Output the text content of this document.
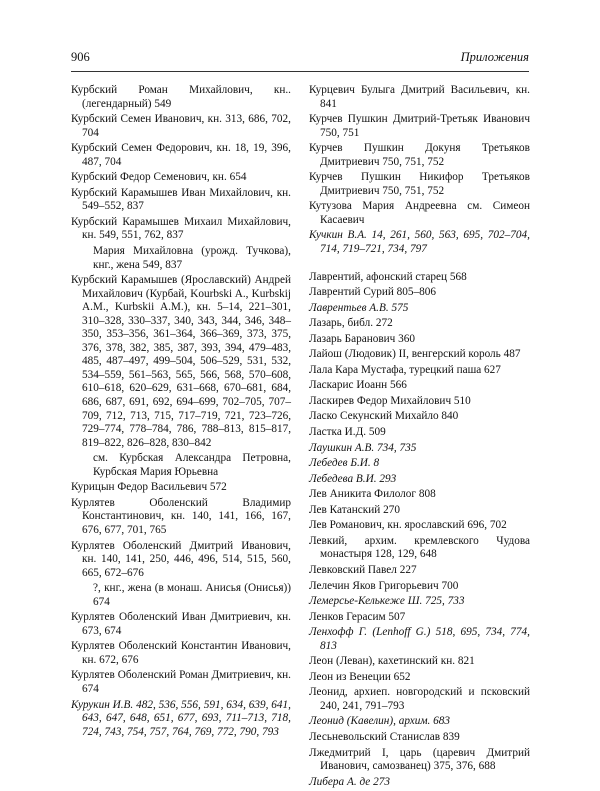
906	Приложения

Курбский Роман Михайлович, кн.. (легендарный) 549

Курбский Семен Иванович, кн. 313, 686, 702, 704

Курбский Семен Федорович, кн. 18, 19, 396, 487, 704

Курбский Федор Семенович, кн. 654

Курбский Карамышев Иван Михайлович, кн. 549–552, 837

Курбский Карамышев Михаил Михайлович, кн. 549, 551, 762, 837

Мария Михайловна (урожд. Тучкова), кнг., жена 549, 837

Курбский Карамышев (Ярославский) Андрей Михайлович (Курбай, Kourbski A., Kurbskij A.M., Kurbskii A.M.), кн. 5–14, 221–301, 310–328, 330–337, 340, 343, 344, 346, 348–350, 353–356, 361–364, 366–369, 373, 375, 376, 378, 382, 385, 387, 393, 394, 479–483, 485, 487–497, 499–504, 506–529, 531, 532, 534–559, 561–563, 565, 566, 568, 570–608, 610–618, 620–629, 631–668, 670–681, 684, 686, 687, 691, 692, 694–699, 702–705, 707–709, 712, 713, 715, 717–719, 721, 723–726, 729–774, 778–784, 786, 788–813, 815–817, 819–822, 826–828, 830–842

см. Курбская Александра Петровна, Курбская Мария Юрьевна

Курицын Федор Васильевич 572

Курлятев Оболенский Владимир Константинович, кн. 140, 141, 166, 167, 676, 677, 701, 765

Курлятев Оболенский Дмитрий Иванович, кн. 140, 141, 250, 446, 496, 514, 515, 560, 665, 672–676

?, кнг., жена (в монаш. Анисья (Онисья)) 674

Курлятев Оболенский Иван Дмитриевич, кн. 673, 674

Курлятев Оболенский Константин Иванович, кн. 672, 676

Курлятев Оболенский Роман Дмитриевич, кн. 674

Курукин И.В. 482, 536, 556, 591, 634, 639, 641, 643, 647, 648, 651, 677, 693, 711–713, 718, 724, 743, 754, 757, 764, 769, 772, 790, 793

Курцевич Булыга Дмитрий Васильевич, кн. 841

Курчев Пушкин Дмитрий-Третьяк Иванович 750, 751

Курчев Пушкин Докуня Третьяков Дмитриевич 750, 751, 752

Курчев Пушкин Никифор Третьяков Дмитриевич 750, 751, 752

Кутузова Мария Андреевна см. Симеон Касаевич

Кучкин В.А. 14, 261, 560, 563, 695, 702–704, 714, 719–721, 734, 797

Лаврентий, афонский старец 568

Лаврентий Сурий 805–806

Лаврентьев А.В. 575

Лазарь, библ. 272

Лазарь Баранович 360

Лайош (Людовик) II, венгерский король 487

Лала Кара Мустафа, турецкий паша 627

Ласкарис Иоанн 566

Ласкирев Федор Михайлович 510

Ласко Секунский Михайло 840

Ластка И.Д. 509

Лаушкин А.В. 734, 735

Лебедев Б.И. 8

Лебедева В.И. 293

Лев Аникита Филолог 808

Лев Катанский 270

Лев Романович, кн. ярославский 696, 702

Левкий, архим. кремлевского Чудова монастыря 128, 129, 648

Левковский Павел 227

Лелечин Яков Григорьевич 700

Лемерсье-Келькеже Ш. 725, 733

Ленков Герасим 507

Ленхофф Г. (Lenhoff G.) 518, 695, 734, 774, 813

Леон (Леван), кахетинский кн. 821

Леон из Венеции 652

Леонид, архиеп. новгородский и псковский 240, 241, 791–793

Леонид (Кавелин), архим. 683

Лесьневольский Станислав 839

Лжедмитрий I, царь (царевич Дмитрий Иванович, самозванец) 375, 376, 688

Либера А. де 273
